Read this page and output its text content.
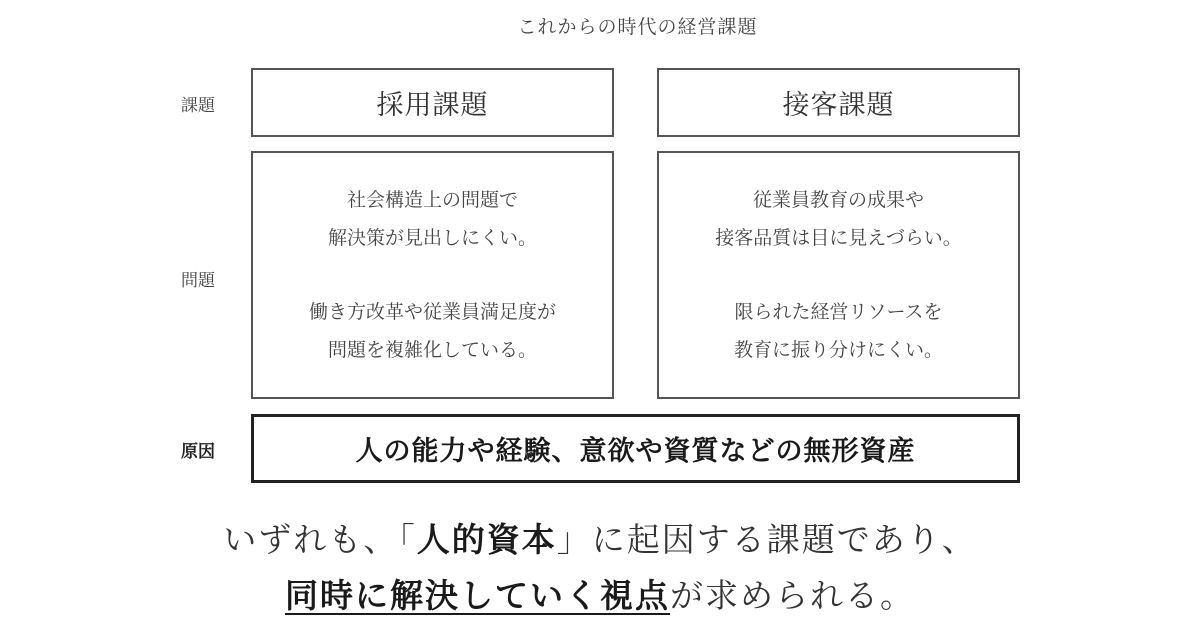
これからの時代の経営課題
課題
問題
原因
採用課題	接客課題
社会構造上の問題で
解決策が見出しにくい。
働き方改革や従業員満足度が
問題を複雑化している。
従業員教育の成果や
接客品質は目に見えづらい。
限られた経営リソースを
教育に振り分けにくい。
人の能力や経験、意欲や資質などの無形資産
いずれも、「人的資本」に起因する課題であり、
同時に解決していく視点が求められる。
